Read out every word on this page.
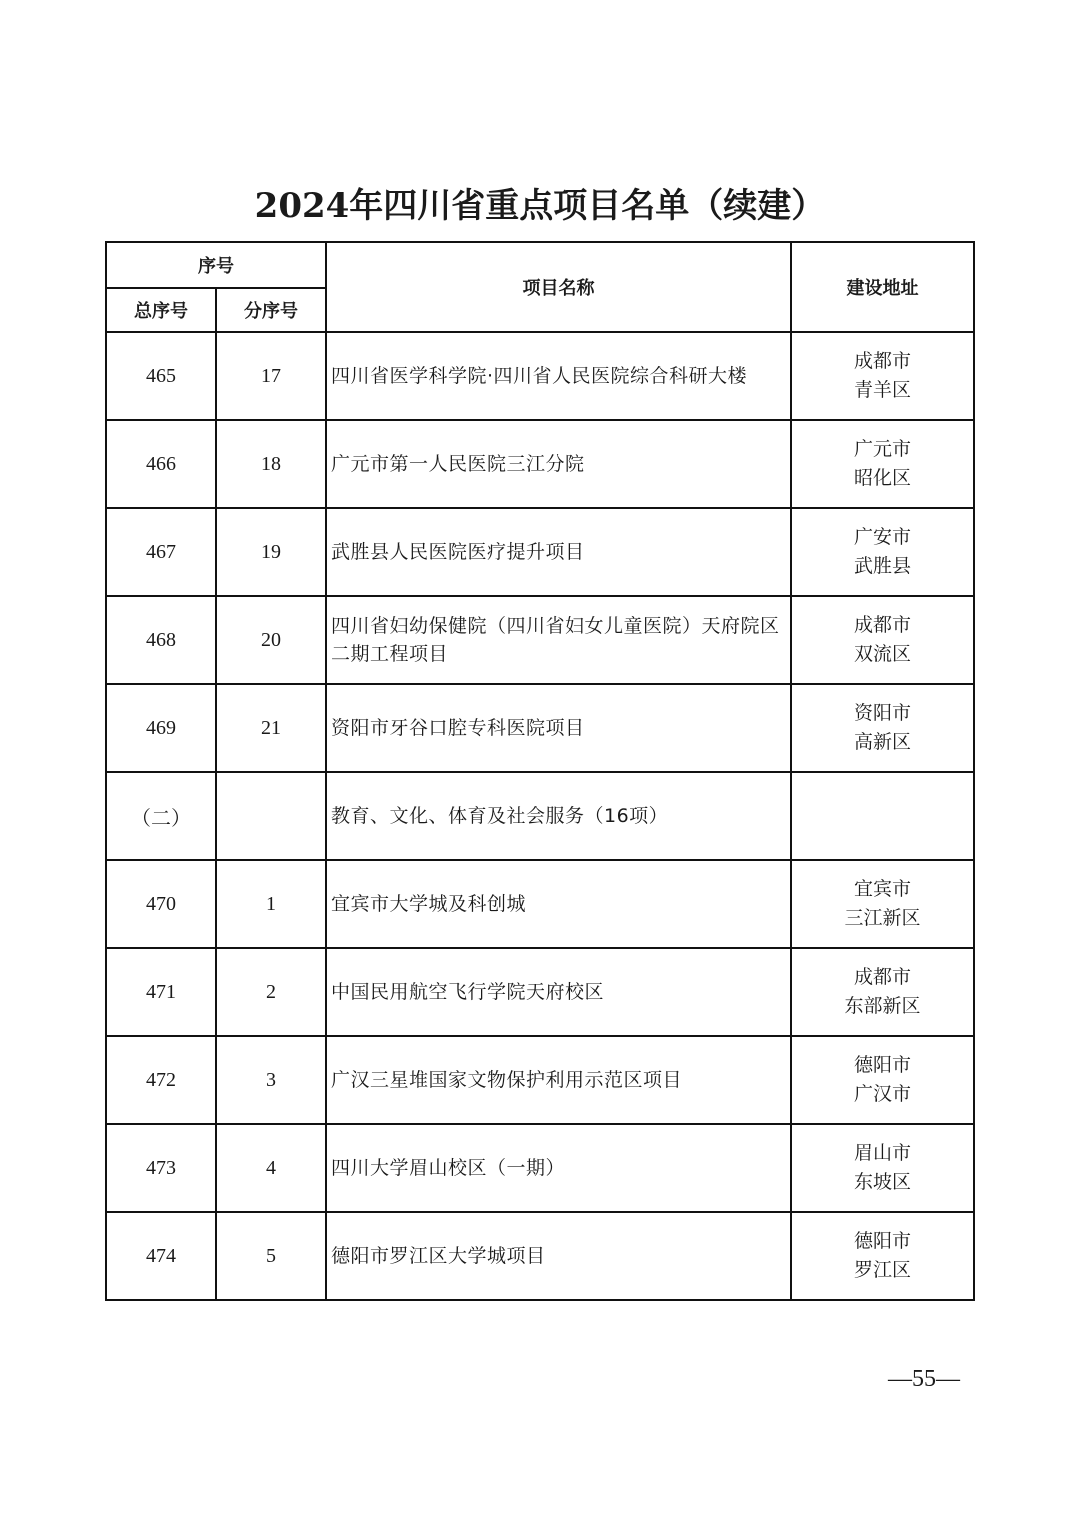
2024年四川省重点项目名单（续建）
序号		项目名称	建设地址
总序号	分序号		
465	17	四川省医学科学院·四川省人民医院综合科研大楼	成都市
青羊区

466	18	广元市第一人民医院三江分院	广元市
昭化区

467	19	武胜县人民医院医疗提升项目	广安市
武胜县

468	20	四川省妇幼保健院（四川省妇女儿童医院）天府院区二期工程项目	成都市
双流区

469	21	资阳市牙谷口腔专科医院项目	资阳市
高新区

（二）		教育、文化、体育及社会服务（16项）	

470	1	宜宾市大学城及科创城	宜宾市
三江新区

471	2	中国民用航空飞行学院天府校区	成都市
东部新区

472	3	广汉三星堆国家文物保护利用示范区项目	德阳市
广汉市

473	4	四川大学眉山校区（一期）	眉山市
东坡区

474	5	德阳市罗江区大学城项目	德阳市
罗江区
—55—
